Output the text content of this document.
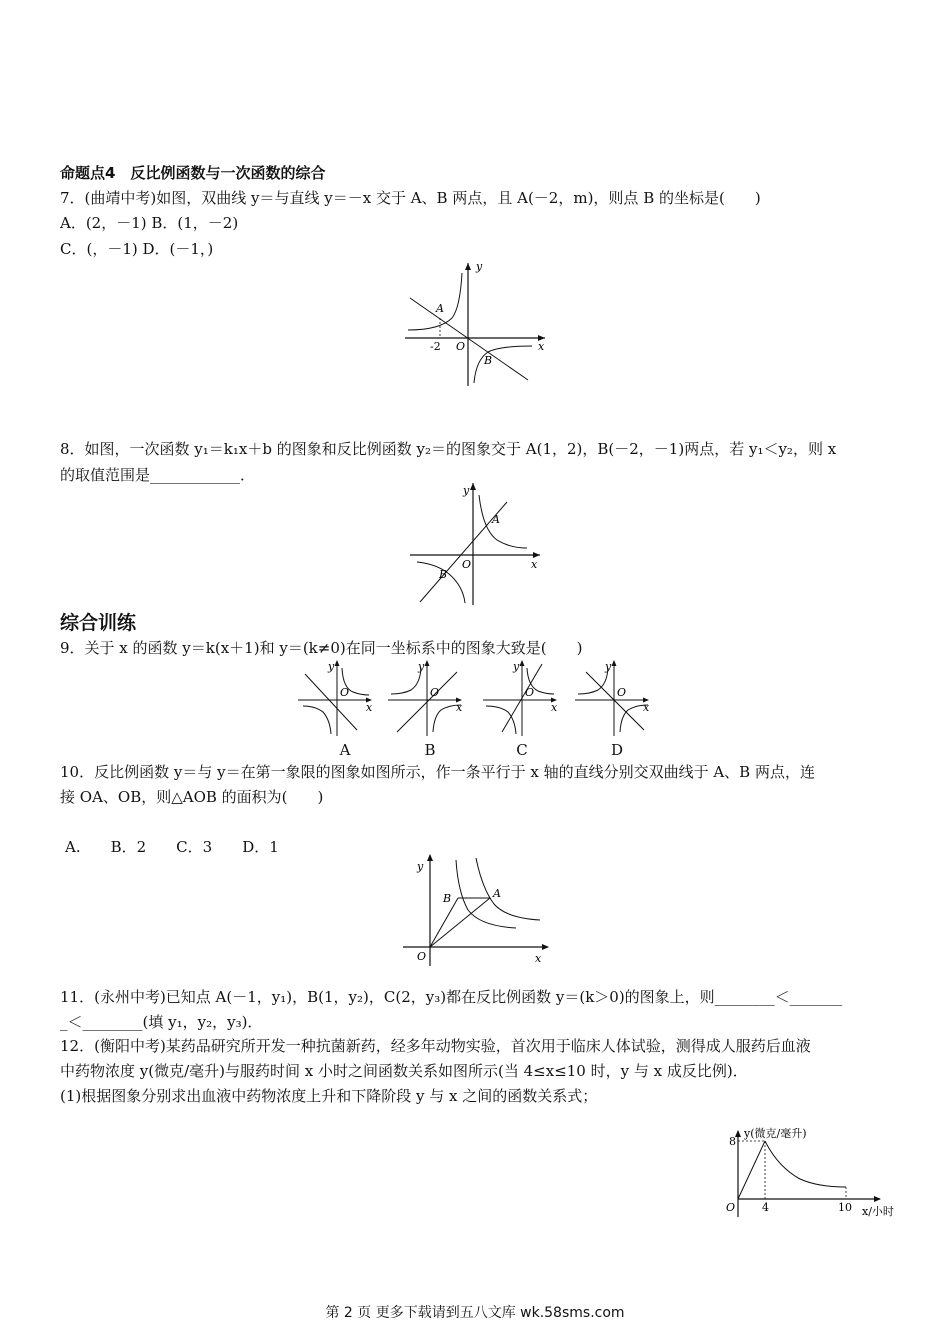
命题点4　反比例函数与一次函数的综合
7．(曲靖中考)如图，双曲线 y＝与直线 y＝－x 交于 A、B 两点，且 A(－2，m)，则点 B 的坐标是(　　)
A．(2，－1) B．(1，－2)
C．(，－1) D．(－1，)
y
x
O
A
B
-2
8．如图，一次函数 y₁＝k₁x＋b 的图象和反比例函数 y₂＝的图象交于 A(1，2)，B(－2，－1)两点，若 y₁＜y₂，则 x
的取值范围是____________．
y
x
O
A
B
综合训练
9．关于 x 的函数 y＝k(x＋1)和 y＝(k≠0)在同一坐标系中的图象大致是(　　)
y
x
O
y
x
O
y
x
O
y
x
O
A	B	C	D
10．反比例函数 y＝与 y＝在第一象限的图象如图所示，作一条平行于 x 轴的直线分别交双曲线于 A、B 两点，连
接 OA、OB，则△AOB 的面积为(　　)
A.　　B．2　　C．3　　D．1
y
x
O
A
B
11．(永州中考)已知点 A(－1，y₁)，B(1，y₂)，C(2，y₃)都在反比例函数 y＝(k＞0)的图象上，则________＜_______
_＜________(填 y₁，y₂，y₃)．
12．(衡阳中考)某药品研究所开发一种抗菌新药，经多年动物实验，首次用于临床人体试验，测得成人服药后血液
中药物浓度 y(微克/毫升)与服药时间 x 小时之间函数关系如图所示(当 4≤x≤10 时，y 与 x 成反比例)．
(1)根据图象分别求出血液中药物浓度上升和下降阶段 y 与 x 之间的函数关系式；
y(微克/毫升)
x/小时
O
8
4	10
第 2 页 更多下载请到五八文库 wk.58sms.com
